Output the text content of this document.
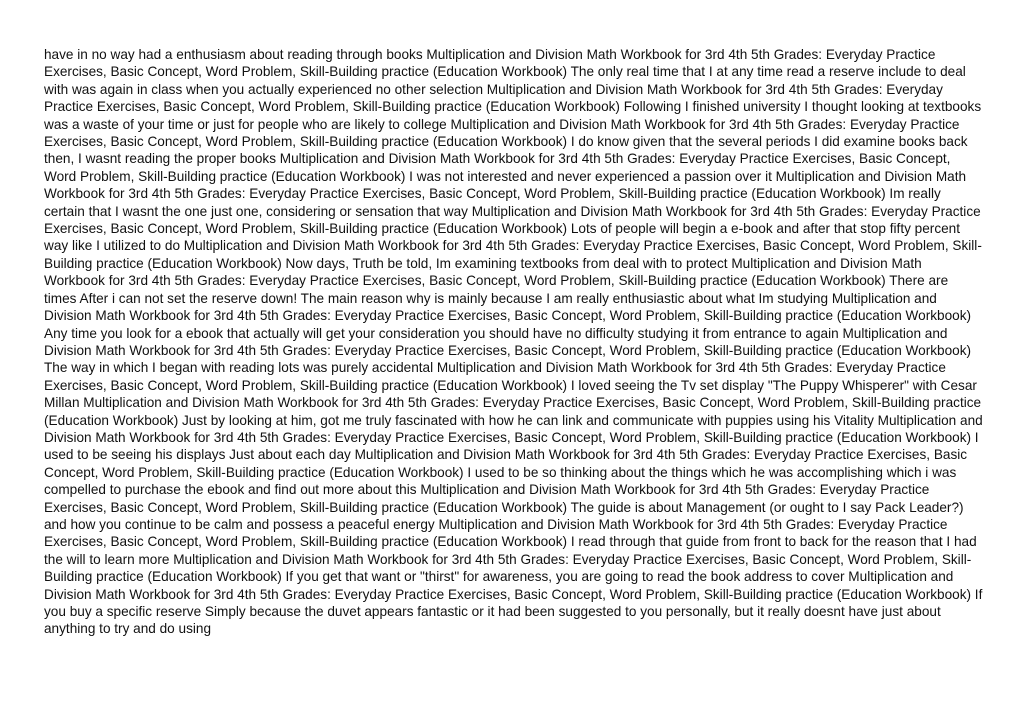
have in no way had a enthusiasm about reading through books Multiplication and Division Math Workbook for 3rd 4th 5th Grades: Everyday Practice Exercises, Basic Concept, Word Problem, Skill-Building practice (Education Workbook) The only real time that I at any time read a reserve include to deal with was again in class when you actually experienced no other selection Multiplication and Division Math Workbook for 3rd 4th 5th Grades: Everyday Practice Exercises, Basic Concept, Word Problem, Skill-Building practice (Education Workbook) Following I finished university I thought looking at textbooks was a waste of your time or just for people who are likely to college Multiplication and Division Math Workbook for 3rd 4th 5th Grades: Everyday Practice Exercises, Basic Concept, Word Problem, Skill-Building practice (Education Workbook) I do know given that the several periods I did examine books back then, I wasnt reading the proper books Multiplication and Division Math Workbook for 3rd 4th 5th Grades: Everyday Practice Exercises, Basic Concept, Word Problem, Skill-Building practice (Education Workbook) I was not interested and never experienced a passion over it Multiplication and Division Math Workbook for 3rd 4th 5th Grades: Everyday Practice Exercises, Basic Concept, Word Problem, Skill-Building practice (Education Workbook) Im really certain that I wasnt the one just one, considering or sensation that way Multiplication and Division Math Workbook for 3rd 4th 5th Grades: Everyday Practice Exercises, Basic Concept, Word Problem, Skill-Building practice (Education Workbook) Lots of people will begin a e-book and after that stop fifty percent way like I utilized to do Multiplication and Division Math Workbook for 3rd 4th 5th Grades: Everyday Practice Exercises, Basic Concept, Word Problem, Skill-Building practice (Education Workbook) Now days, Truth be told, Im examining textbooks from deal with to protect Multiplication and Division Math Workbook for 3rd 4th 5th Grades: Everyday Practice Exercises, Basic Concept, Word Problem, Skill-Building practice (Education Workbook) There are times After i can not set the reserve down! The main reason why is mainly because I am really enthusiastic about what Im studying Multiplication and Division Math Workbook for 3rd 4th 5th Grades: Everyday Practice Exercises, Basic Concept, Word Problem, Skill-Building practice (Education Workbook) Any time you look for a ebook that actually will get your consideration you should have no difficulty studying it from entrance to again Multiplication and Division Math Workbook for 3rd 4th 5th Grades: Everyday Practice Exercises, Basic Concept, Word Problem, Skill-Building practice (Education Workbook) The way in which I began with reading lots was purely accidental Multiplication and Division Math Workbook for 3rd 4th 5th Grades: Everyday Practice Exercises, Basic Concept, Word Problem, Skill-Building practice (Education Workbook) I loved seeing the Tv set display "The Puppy Whisperer" with Cesar Millan Multiplication and Division Math Workbook for 3rd 4th 5th Grades: Everyday Practice Exercises, Basic Concept, Word Problem, Skill-Building practice (Education Workbook) Just by looking at him, got me truly fascinated with how he can link and communicate with puppies using his Vitality Multiplication and Division Math Workbook for 3rd 4th 5th Grades: Everyday Practice Exercises, Basic Concept, Word Problem, Skill-Building practice (Education Workbook) I used to be seeing his displays Just about each day Multiplication and Division Math Workbook for 3rd 4th 5th Grades: Everyday Practice Exercises, Basic Concept, Word Problem, Skill-Building practice (Education Workbook) I used to be so thinking about the things which he was accomplishing which i was compelled to purchase the ebook and find out more about this Multiplication and Division Math Workbook for 3rd 4th 5th Grades: Everyday Practice Exercises, Basic Concept, Word Problem, Skill-Building practice (Education Workbook) The guide is about Management (or ought to I say Pack Leader?) and how you continue to be calm and possess a peaceful energy Multiplication and Division Math Workbook for 3rd 4th 5th Grades: Everyday Practice Exercises, Basic Concept, Word Problem, Skill-Building practice (Education Workbook) I read through that guide from front to back for the reason that I had the will to learn more Multiplication and Division Math Workbook for 3rd 4th 5th Grades: Everyday Practice Exercises, Basic Concept, Word Problem, Skill-Building practice (Education Workbook) If you get that want or "thirst" for awareness, you are going to read the book address to cover Multiplication and Division Math Workbook for 3rd 4th 5th Grades: Everyday Practice Exercises, Basic Concept, Word Problem, Skill-Building practice (Education Workbook) If you buy a specific reserve Simply because the duvet appears fantastic or it had been suggested to you personally, but it really doesnt have just about anything to try and do using
